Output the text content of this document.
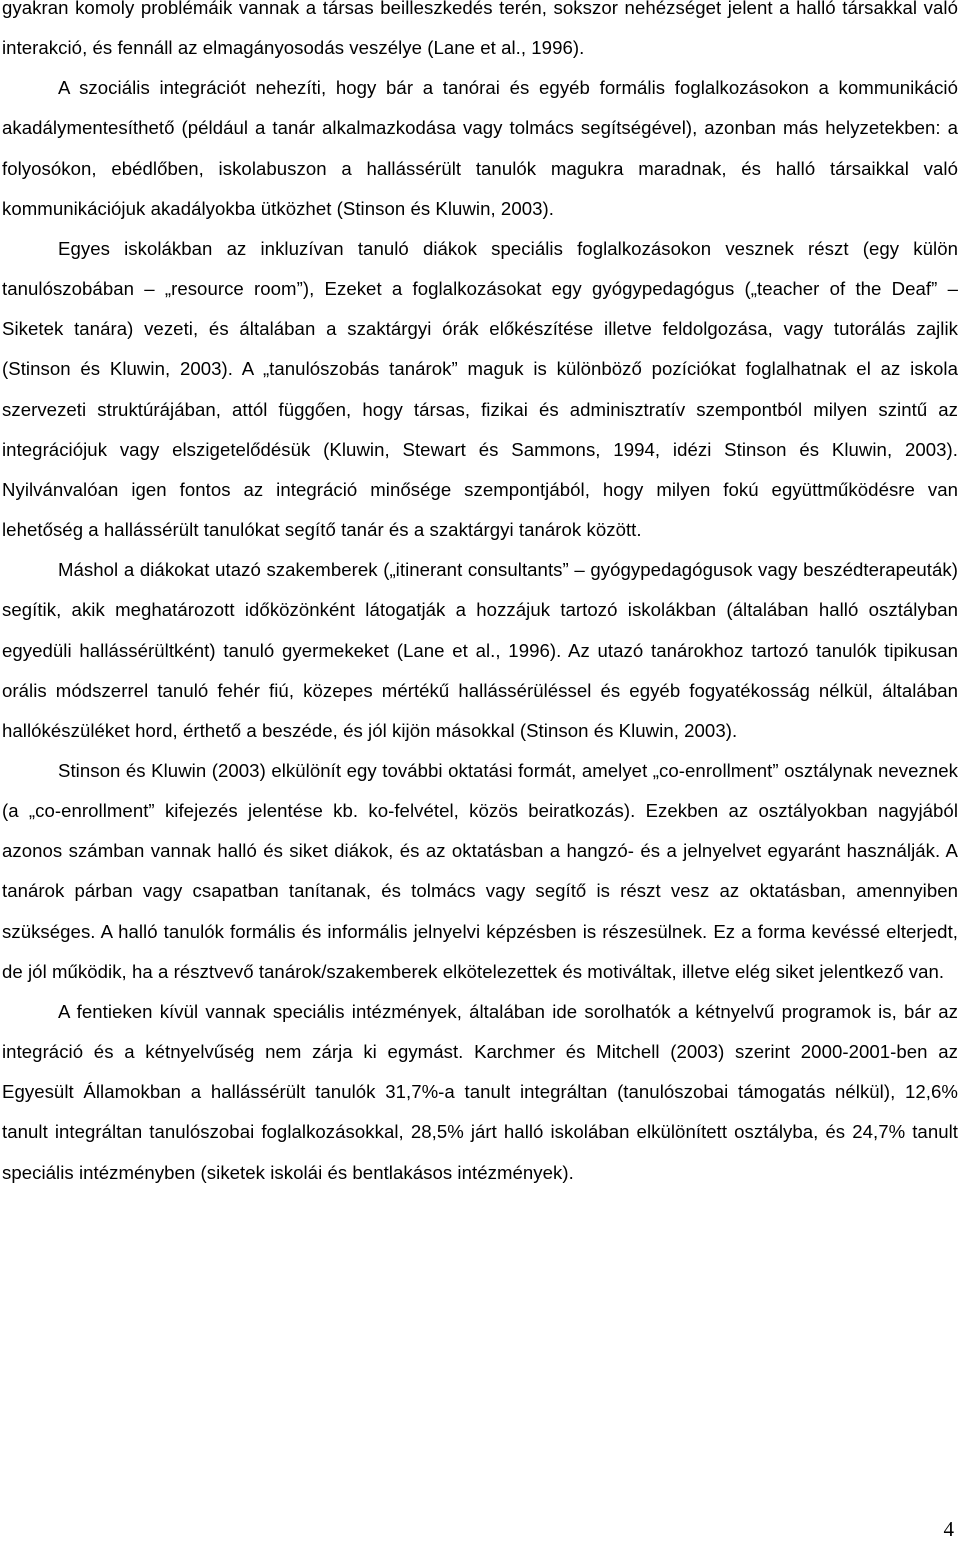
gyakran komoly problémáik vannak a társas beilleszkedés terén, sokszor nehézséget jelent a halló társakkal való interakció, és fennáll az elmagányosodás veszélye (Lane et al., 1996).

A szociális integrációt nehezíti, hogy bár a tanórai és egyéb formális foglalkozásokon a kommunikáció akadálymentesíthető (például a tanár alkalmazkodása vagy tolmács segítségével), azonban más helyzetekben: a folyosókon, ebédlőben, iskolabuszon a hallássérült tanulók magukra maradnak, és halló társaikkal való kommunikációjuk akadályokba ütközhet (Stinson és Kluwin, 2003).

Egyes iskolákban az inkluzívan tanuló diákok speciális foglalkozásokon vesznek részt (egy külön tanulószobában – „resource room”), Ezeket a foglalkozásokat egy gyógypedagógus („teacher of the Deaf” – Siketek tanára) vezeti, és általában a szaktárgyi órák előkészítése illetve feldolgozása, vagy tutorálás zajlik (Stinson és Kluwin, 2003). A „tanulószobás tanárok” maguk is különböző pozíciókat foglalhatnak el az iskola szervezeti struktúrájában, attól függően, hogy társas, fizikai és adminisztratív szempontból milyen szintű az integrációjuk vagy elszigetelődésük (Kluwin, Stewart és Sammons, 1994, idézi Stinson és Kluwin, 2003). Nyilvánvalóan igen fontos az integráció minősége szempontjából, hogy milyen fokú együttműködésre van lehetőség a hallássérült tanulókat segítő tanár és a szaktárgyi tanárok között.

Máshol a diákokat utazó szakemberek („itinerant consultants” – gyógypedagógusok vagy beszédterapeuták) segítik, akik meghatározott időközönként látogatják a hozzájuk tartozó iskolákban (általában halló osztályban egyedüli hallássérültként) tanuló gyermekeket (Lane et al., 1996). Az utazó tanárokhoz tartozó tanulók tipikusan orális módszerrel tanuló fehér fiú, közepes mértékű hallássérüléssel és egyéb fogyatékosság nélkül, általában hallókészüléket hord, érthető a beszéde, és jól kijön másokkal (Stinson és Kluwin, 2003).

Stinson és Kluwin (2003) elkülönít egy további oktatási formát, amelyet „co-enrollment” osztálynak neveznek (a „co-enrollment” kifejezés jelentése kb. ko-felvétel, közös beiratkozás). Ezekben az osztályokban nagyjából azonos számban vannak halló és siket diákok, és az oktatásban a hangzó- és a jelnyelvet egyaránt használják. A tanárok párban vagy csapatban tanítanak, és tolmács vagy segítő is részt vesz az oktatásban, amennyiben szükséges. A halló tanulók formális és informális jelnyelvi képzésben is részesülnek. Ez a forma kevéssé elterjedt, de jól működik, ha a résztvevő tanárok/szakemberek elkötelezettek és motiváltak, illetve elég siket jelentkező van.

A fentieken kívül vannak speciális intézmények, általában ide sorolhatók a kétnyelvű programok is, bár az integráció és a kétnyelvűség nem zárja ki egymást. Karchmer és Mitchell (2003) szerint 2000-2001-ben az Egyesült Államokban a hallássérült tanulók 31,7%-a tanult integráltan (tanulószobai támogatás nélkül), 12,6% tanult integráltan tanulószobai foglalkozásokkal, 28,5% járt halló iskolában elkülönített osztályba, és 24,7% tanult speciális intézményben (siketek iskolái és bentlakásos intézmények).

4
